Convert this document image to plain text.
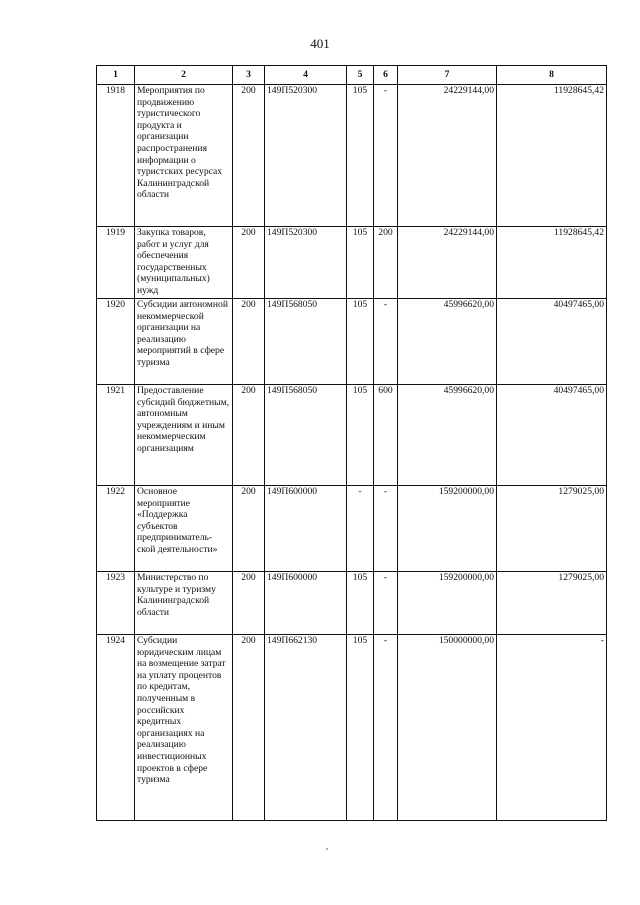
401
1	2	3	4	5	6	7	8
1918	Мероприятия по продвижению туристического продукта и организации распространения информации о туристских ресурсах Калининградской области	200	149П520300	105	-	24229144,00	11928645,42
1919	Закупка товаров, работ и услуг для обеспечения государственных (муниципальных) нужд	200	149П520300	105	200	24229144,00	11928645,42
1920	Субсидии автономной некоммерческой организации на реализацию мероприятий в сфере туризма	200	149П568050	105	-	45996620,00	40497465,00
1921	Предоставление субсидий бюджетным, автономным учреждениям и иным некоммерческим организациям	200	149П568050	105	600	45996620,00	40497465,00
1922	Основное мероприятие «Поддержка субъектов предприниматель-ской деятельности»	200	149П600000	-	-	159200000,00	1279025,00
1923	Министерство по культуре и туризму Калининградской области	200	149П600000	105	-	159200000,00	1279025,00
1924	Субсидии юридическим лицам на возмещение затрат на уплату процентов по кредитам, полученным в российских кредитных организациях на реализацию инвестиционных проектов в сфере туризма	200	149П662130	105	-	150000000,00	-
